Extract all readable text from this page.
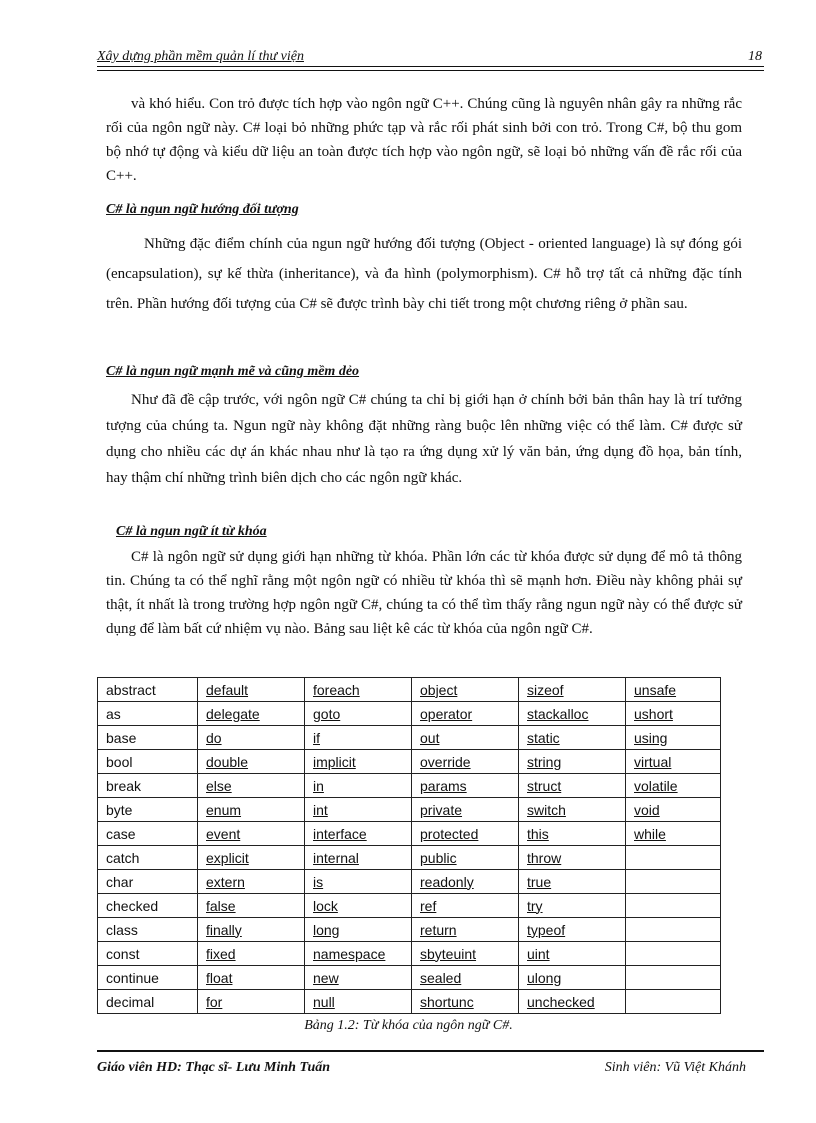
Xây dựng phần mềm quản lí thư viện	18

và khó hiểu. Con trỏ được tích hợp vào ngôn ngữ C++. Chúng cũng là nguyên nhân gây ra những rắc rối của ngôn ngữ này. C# loại bỏ những phức tạp và rắc rối phát sinh bởi con trỏ. Trong C#, bộ thu gom bộ nhớ tự động và kiểu dữ liệu an toàn được tích hợp vào ngôn ngữ, sẽ loại bỏ những vấn đề rắc rối của C++.

C# là ngun ngữ hướng đối tượng

Những đặc điểm chính của ngun ngữ hướng đối tượng (Object - oriented language) là sự đóng gói (encapsulation), sự kế thừa (inheritance), và đa hình (polymorphism). C# hỗ trợ tất cả những đặc tính trên. Phần hướng đối tượng của C# sẽ được trình bày chi tiết trong một chương riêng ở phần sau.

C# là ngun ngữ mạnh mẽ và cũng mềm dẻo

Như đã đề cập trước, với ngôn ngữ C# chúng ta chỉ bị giới hạn ở chính bởi bản thân hay là trí tưởng tượng của chúng ta. Ngun ngữ này không đặt những ràng buộc lên những việc có thể làm. C# được sử dụng cho nhiều các dự án khác nhau như là tạo ra ứng dụng xử lý văn bản, ứng dụng đồ họa, bản tính, hay thậm chí những trình biên dịch cho các ngôn ngữ khác.

C# là ngun ngữ ít từ khóa

C# là ngôn ngữ sử dụng giới hạn những từ khóa. Phần lớn các từ khóa được sử dụng để mô tả thông tin. Chúng ta có thể nghĩ rằng một ngôn ngữ có nhiều từ khóa thì sẽ mạnh hơn. Điều này không phải sự thật, ít nhất là trong trường hợp ngôn ngữ C#, chúng ta có thể tìm thấy rằng ngun ngữ này có thể được sử dụng để làm bất cứ nhiệm vụ nào. Bảng sau liệt kê các từ khóa của ngôn ngữ C#.

abstract	default	foreach	object	sizeof	unsafe
as	delegate	goto	operator	stackalloc	ushort
base	do	if	out	static	using
bool	double	implicit	override	string	virtual
break	else	in	params	struct	volatile
byte	enum	int	private	switch	void
case	event	interface	protected	this	while
catch	explicit	internal	public	throw	
char	extern	is	readonly	true	
checked	false	lock	ref	try	
class	finally	long	return	typeof	
const	fixed	namespace	sbyteuint	uint	
continue	float	new	sealed	ulong	
decimal	for	null	shortunc	unchecked	
Bảng 1.2: Từ khóa của ngôn ngữ C#.
Giáo viên HD: Thạc sĩ- Lưu Minh Tuấn	Sinh viên: Vũ Việt Khánh
